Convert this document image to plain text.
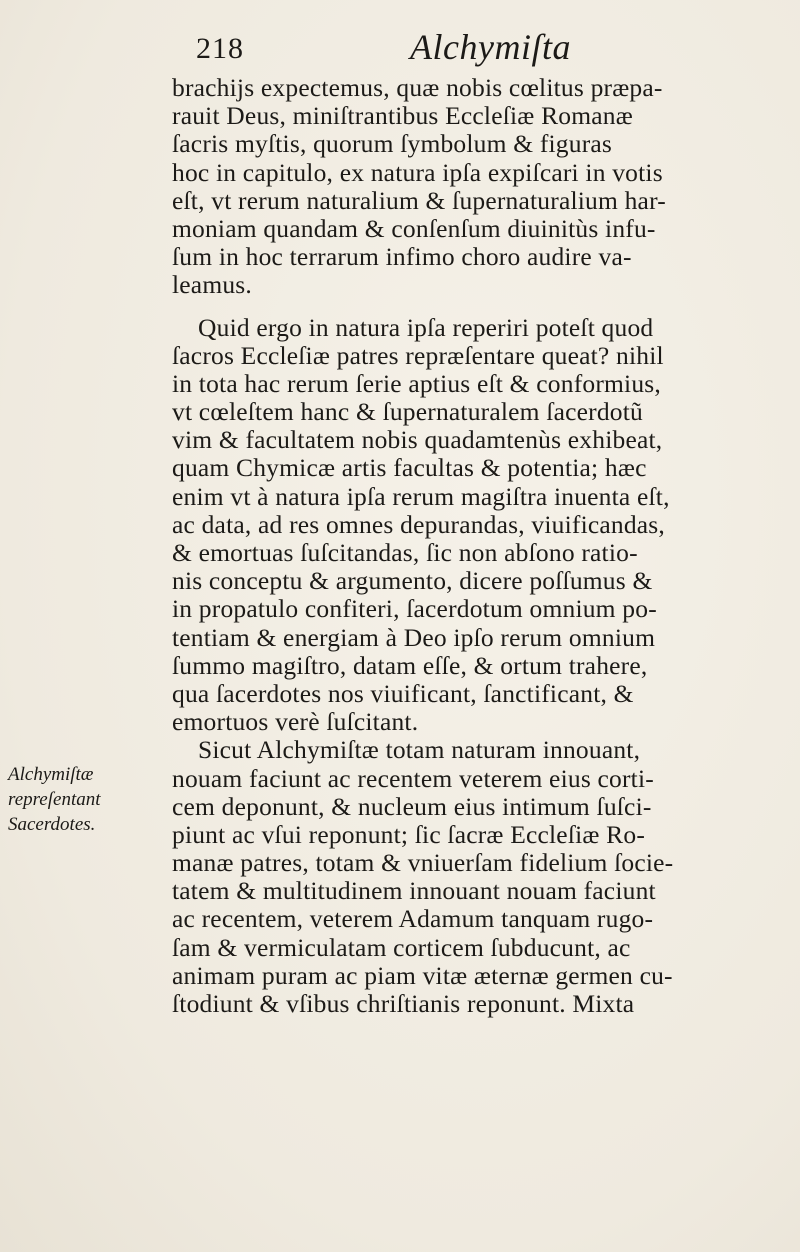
218	Alchymiſta
Alchymiſtæ
repreſentant
Sacerdotes.
brachijs expectemus, quæ nobis cœlitus præpa-
rauit Deus, miniſtrantibus Eccleſiæ Romanæ
ſacris myſtis, quorum ſymbolum & figuras
hoc in capitulo, ex natura ipſa expiſcari in votis
eſt, vt rerum naturalium & ſupernaturalium har-
moniam quandam & conſenſum diuinitùs infu-
ſum in hoc terrarum infimo choro audire va-
leamus.
Quid ergo in natura ipſa reperiri poteſt quod
ſacros Eccleſiæ patres repræſentare queat? nihil
in tota hac rerum ſerie aptius eſt & conformius,
vt cœleſtem hanc & ſupernaturalem ſacerdotũ
vim & facultatem nobis quadamtenùs exhibeat,
quam Chymicæ artis facultas & potentia; hæc
enim vt à natura ipſa rerum magiſtra inuenta eſt,
ac data, ad res omnes depurandas, viuificandas,
& emortuas ſuſcitandas, ſic non abſono ratio-
nis conceptu & argumento, dicere poſſumus &
in propatulo confiteri, ſacerdotum omnium po-
tentiam & energiam à Deo ipſo rerum omnium
ſummo magiſtro, datam eſſe, & ortum trahere,
qua ſacerdotes nos viuificant, ſanctificant, &
emortuos verè ſuſcitant.
Sicut Alchymiſtæ totam naturam innouant,
nouam faciunt ac recentem veterem eius corti-
cem deponunt, & nucleum eius intimum ſuſci-
piunt ac vſui reponunt; ſic ſacræ Eccleſiæ Ro-
manæ patres, totam & vniuerſam fidelium ſocie-
tatem & multitudinem innouant nouam faciunt
ac recentem, veterem Adamum tanquam rugo-
ſam & vermiculatam corticem ſubducunt, ac
animam puram ac piam vitæ æternæ germen cu-
ſtodiunt & vſibus chriſtianis reponunt. Mixta
